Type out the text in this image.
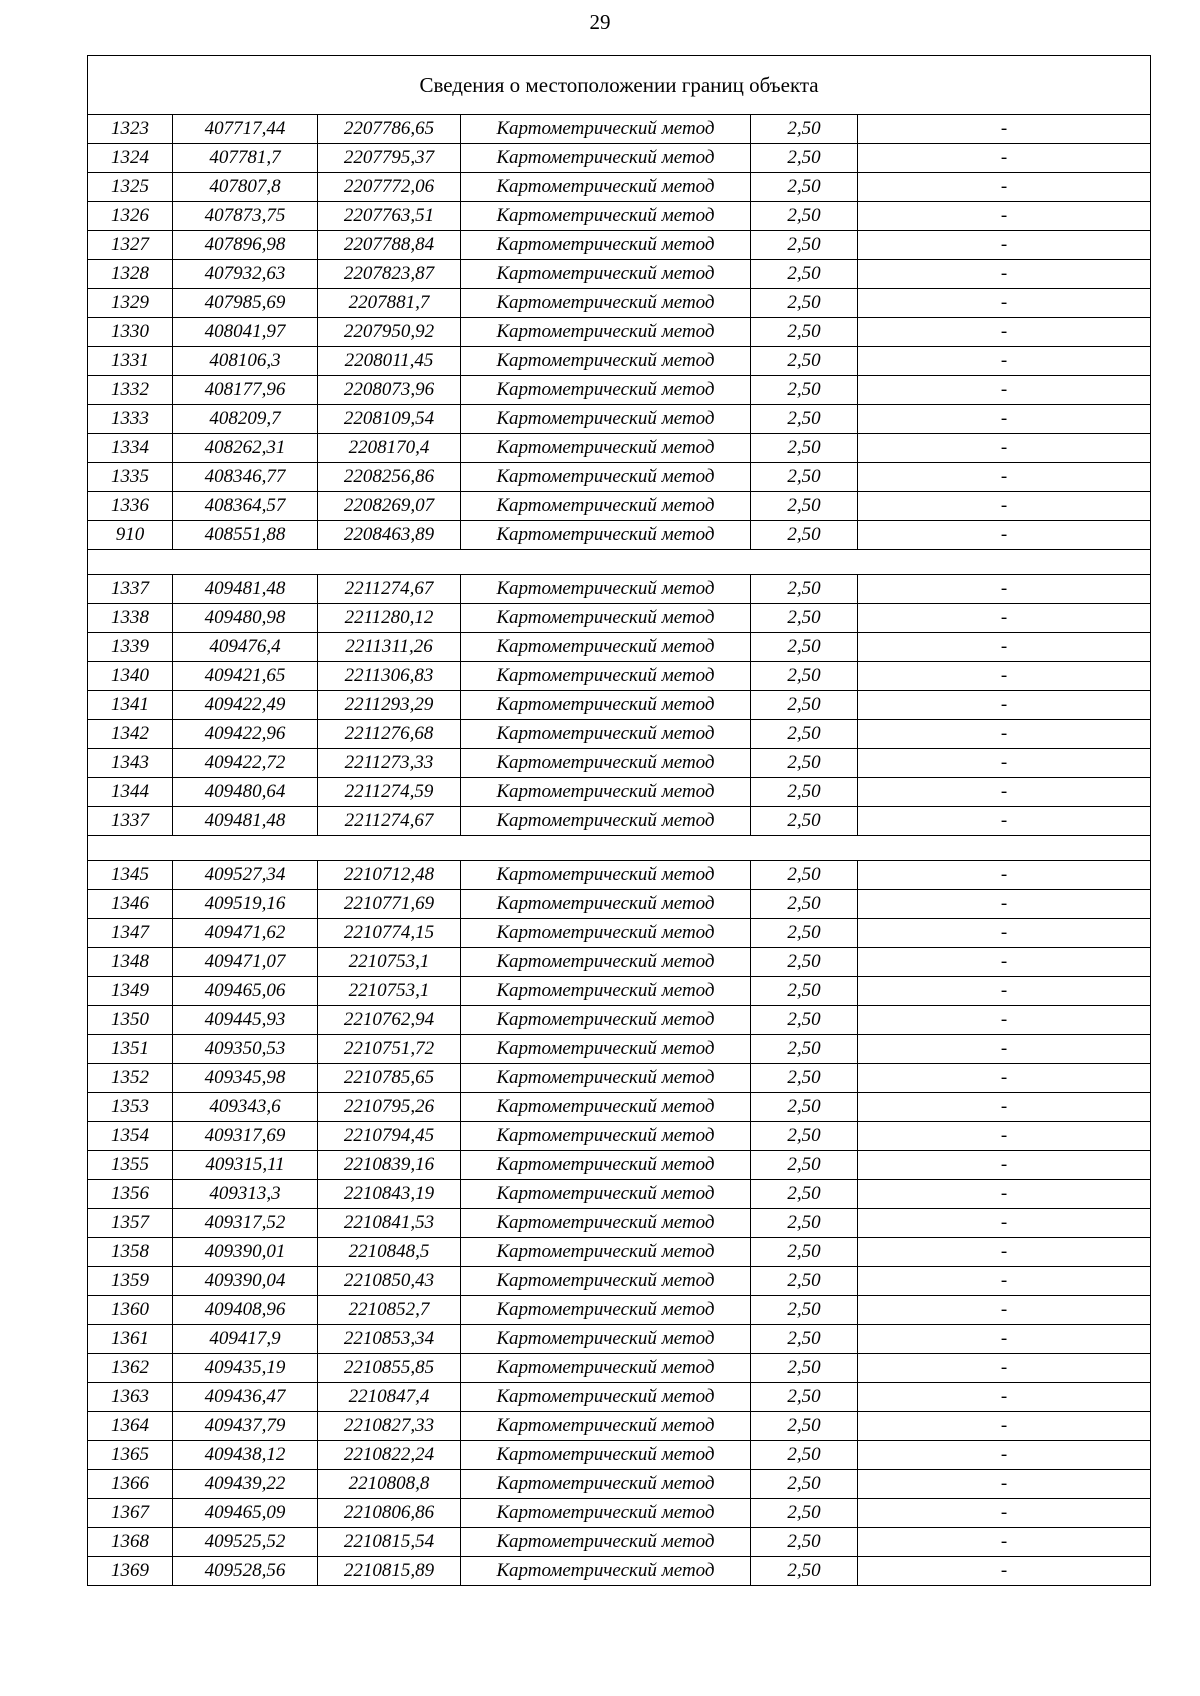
29
Сведения о местоположении границ объекта					
1323	407717,44	2207786,65	Картометрический метод	2,50	-
1324	407781,7	2207795,37	Картометрический метод	2,50	-
1325	407807,8	2207772,06	Картометрический метод	2,50	-
1326	407873,75	2207763,51	Картометрический метод	2,50	-
1327	407896,98	2207788,84	Картометрический метод	2,50	-
1328	407932,63	2207823,87	Картометрический метод	2,50	-
1329	407985,69	2207881,7	Картометрический метод	2,50	-
1330	408041,97	2207950,92	Картометрический метод	2,50	-
1331	408106,3	2208011,45	Картометрический метод	2,50	-
1332	408177,96	2208073,96	Картометрический метод	2,50	-
1333	408209,7	2208109,54	Картометрический метод	2,50	-
1334	408262,31	2208170,4	Картометрический метод	2,50	-
1335	408346,77	2208256,86	Картометрический метод	2,50	-
1336	408364,57	2208269,07	Картометрический метод	2,50	-
910	408551,88	2208463,89	Картометрический метод	2,50	-

1337	409481,48	2211274,67	Картометрический метод	2,50	-
1338	409480,98	2211280,12	Картометрический метод	2,50	-
1339	409476,4	2211311,26	Картометрический метод	2,50	-
1340	409421,65	2211306,83	Картометрический метод	2,50	-
1341	409422,49	2211293,29	Картометрический метод	2,50	-
1342	409422,96	2211276,68	Картометрический метод	2,50	-
1343	409422,72	2211273,33	Картометрический метод	2,50	-
1344	409480,64	2211274,59	Картометрический метод	2,50	-
1337	409481,48	2211274,67	Картометрический метод	2,50	-

1345	409527,34	2210712,48	Картометрический метод	2,50	-
1346	409519,16	2210771,69	Картометрический метод	2,50	-
1347	409471,62	2210774,15	Картометрический метод	2,50	-
1348	409471,07	2210753,1	Картометрический метод	2,50	-
1349	409465,06	2210753,1	Картометрический метод	2,50	-
1350	409445,93	2210762,94	Картометрический метод	2,50	-
1351	409350,53	2210751,72	Картометрический метод	2,50	-
1352	409345,98	2210785,65	Картометрический метод	2,50	-
1353	409343,6	2210795,26	Картометрический метод	2,50	-
1354	409317,69	2210794,45	Картометрический метод	2,50	-
1355	409315,11	2210839,16	Картометрический метод	2,50	-
1356	409313,3	2210843,19	Картометрический метод	2,50	-
1357	409317,52	2210841,53	Картометрический метод	2,50	-
1358	409390,01	2210848,5	Картометрический метод	2,50	-
1359	409390,04	2210850,43	Картометрический метод	2,50	-
1360	409408,96	2210852,7	Картометрический метод	2,50	-
1361	409417,9	2210853,34	Картометрический метод	2,50	-
1362	409435,19	2210855,85	Картометрический метод	2,50	-
1363	409436,47	2210847,4	Картометрический метод	2,50	-
1364	409437,79	2210827,33	Картометрический метод	2,50	-
1365	409438,12	2210822,24	Картометрический метод	2,50	-
1366	409439,22	2210808,8	Картометрический метод	2,50	-
1367	409465,09	2210806,86	Картометрический метод	2,50	-
1368	409525,52	2210815,54	Картометрический метод	2,50	-
1369	409528,56	2210815,89	Картометрический метод	2,50	-
